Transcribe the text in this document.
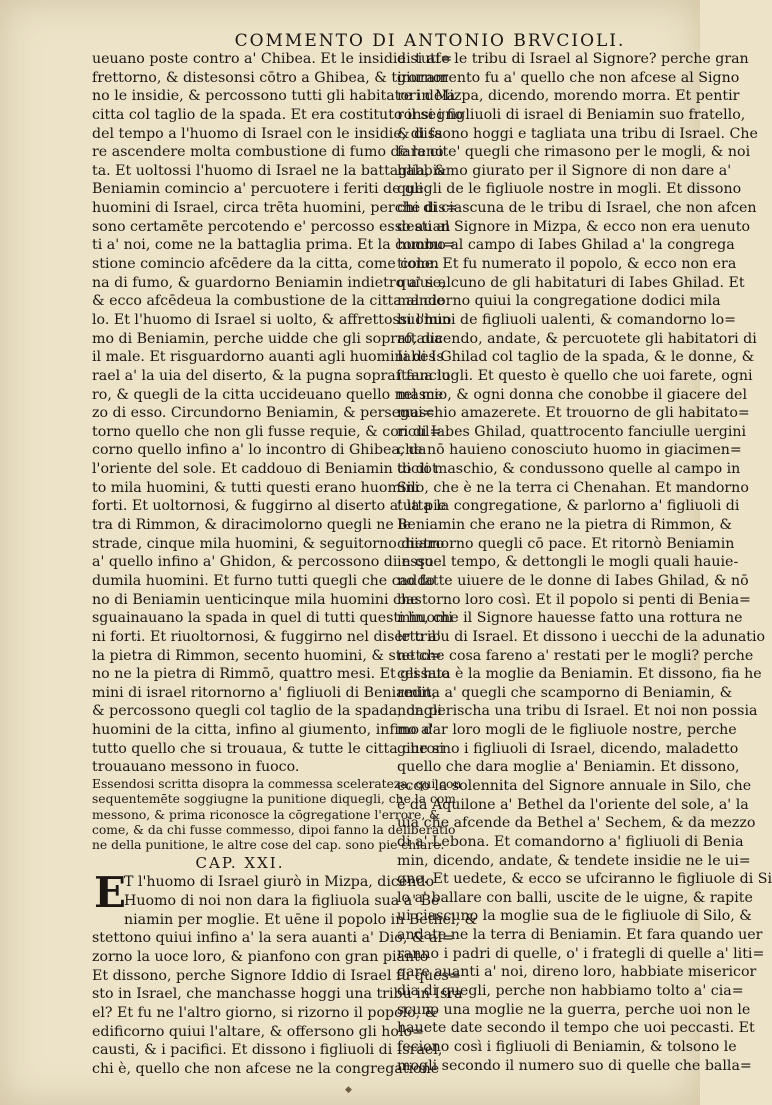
COMMENTO DI ANTONIO BRVCIOLI.
ueuano poste contro a' Chibea. Et le insidie si af=
frettorno, & distesonsi cōtro a Ghibea, & tirornor
no le insidie, & percossono tutti gli habitatori dela
citta col taglio de la spada. Et era costituto il segno
del tempo a l'huomo di Israel con le insidie, di fa
re ascendere molta combustione di fumo de la cit
ta. Et uoltossi l'huomo di Israel ne la battaglia, &
Beniamin comincio a' percuotere i feriti de gli
huomini di Israel, circa trēta huomini, perche dis=
sono certamēte percotendo e' percosso esso auan
ti a' noi, come ne la battaglia prima. Et la combu=
stione comincio afcēdere da la citta, come colon
na di fumo, & guardorno Beniamin indietro a' se,
& ecco afcēdeua la combustione de la citta al cie
lo. Et l'huomo di Israel si uolto, & affrettossi l'huo
mo di Beniamin, perche uidde che gli sopraftaua
il male. Et risguardorno auanti agli huomini di Is
rael a' la uia del diserto, & la pugna sopraftaua lo
ro, & quegli de la citta uccideuano quello nel me
zo di esso. Circundorno Beniamin, & persegui=
torno quello che non gli fusse requie, & concul=
corno quello infino a' lo incontro di Ghibea, da
l'oriente del sole. Et caddouo di Beniamin diciot
to mila huomini, & tutti questi erano huomini
forti. Et uoltornosi, & fuggirno al diserto a' la pie
tra di Rimmon, & diracimolorno quegli ne le
strade, cinque mila huomini, & seguitorno dietro
a' quello infino a' Ghidon, & percossono di esso
dumila huomini. Et furno tutti quegli che caddo
no di Beniamin uenticinque mila huomini che
sguainauano la spada in quel di tutti questi huomi
ni forti. Et riuoltornosi, & fuggirno nel diserto a'
la pietra di Rimmon, secento huomini, & stetto=
no ne la pietra di Rimmō, quattro mesi. Et gli huo
mini di israel ritornorno a' figliuoli di Beniamin,
& percossono quegli col taglio de la spada, dagli
huomini de la citta, infino al giumento, infino a'
tutto quello che si trouaua, & tutte le citta che si
trouauano messono in fuoco.
Essendosi scritta disopra la commessa scelerateza, qui con
sequentemēte soggiugne la punitione diquegli, che la com
messono, & prima riconosce la cōgregatione l'errore, &
come, & da chi fusse commesso, dipoi fanno la deliberatio
ne della punitione, le altre cose del cap. sono pie chiare.
CAP. XXI.
E
T l'huomo di Israel giurò in Mizpa, dicendo
Huomo di noi non dara la figliuola sua a' Be
niamin per moglie. Et uēne il popolo in Bethel, &
stettono quiui infino a' la sera auanti a' Dio, & al=
zorno la uoce loro, & pianfono con gran pianto
Et dissono, perche Signore Iddio di Israel fu ques=
sto in Israel, che manchasse hoggi una tribu in Isra
el? Et fu ne l'altro giorno, si rizorno il popolo, &
edificorno quiui l'altare, & offersono gli holo=
causti, & i pacifici. Et dissono i figliuoli di Israel,
chi è, quello che non afcese ne la congregatione
di tutte le tribu di Israel al Signore? perche gran
giuramento fu a' quello che non afcese al Signo
re in Mizpa, dicendo, morendo morra. Et pentir
ronsi i figliuoli di israel di Beniamin suo fratello,
& dissono hoggi e tagliata una tribu di Israel. Che
fareno e' quegli che rimasono per le mogli, & noi
habbiamo giurato per il Signore di non dare a'
quegli de le figliuole nostre in mogli. Et dissono
chi di ciascuna de le tribu di Israel, che non afcen
desti al Signore in Mizpa, & ecco non era uenuto
huomo al campo di Iabes Ghilad a' la congrega
tione. Et fu numerato il popolo, & ecco non era
quiui alcuno de gli habitaturi di Iabes Ghilad. Et
mandorno quiui la congregatione dodici mila
huomini de figliuoli ualenti, & comandorno lo=
ro, dicendo, andate, & percuotete gli habitatori di
Iabes Ghilad col taglio de la spada, & le donne, &
i fanciugli. Et questo è quello che uoi farete, ogni
mascio, & ogni donna che conobbe il giacere del
maschio amazerete. Et trouorno de gli habitato=
ri di Iabes Ghilad, quattrocento fanciulle uergini
che nō hauieno conosciuto huomo in giacimen=
to di maschio, & condussono quelle al campo in
Silo, che è ne la terra ci Chenahan. Et mandorno
tutta la congregatione, & parlorno a' figliuoli di
Beniamin che erano ne la pietra di Rimmon, &
chiamorno quegli cō pace. Et ritornò Beniamin
in quel tempo, & dettongli le mogli quali hauie-
no fatte uiuere de le donne di Iabes Ghilad, & nō
bastorno loro così. Et il popolo si penti di Benia=
min, che il Signore hauesse fatto una rottura ne
le tribu di Israel. Et dissono i uecchi de la adunatio
ne che cosa fareno a' restati per le mogli? perche
cessata è la moglie da Beniamin. Et dissono, fia he
redita a' quegli che scamporno di Beniamin, &
non perischa una tribu di Israel. Et noi non possia
mo dar loro mogli de le figliuole nostre, perche
giurorno i figliuoli di Israel, dicendo, maladetto
quello che dara moglie a' Beniamin. Et dissono,
ecco la solennita del Signore annuale in Silo, che
è da Aquilone a' Bethel da l'oriente del sole, a' la
uia che afcende da Bethel a' Sechem, & da mezzo
di a' Lebona. Et comandorno a' figliuoli di Benia
min, dicendo, andate, & tendete insidie ne le ui=
gne. Et uedete, & ecco se ufciranno le figliuole di Si
lo a' ballare con balli, uscite de le uigne, & rapite
ui ciascuno la moglie sua de le figliuole di Silo, &
andate ne la terra di Beniamin. Et fara quando uer
ranno i padri di quelle, o' i frategli di quelle a' liti=
gare auanti a' noi, direno loro, habbiate misericor
dia di quegli, perche non habbiamo tolto a' cia=
scuno una moglie ne la guerra, perche uoi non le
hauete date secondo il tempo che uoi peccasti. Et
feciono così i figliuoli di Beniamin, & tolsono le
mogli secondo il numero suo di quelle che balla=
◆
